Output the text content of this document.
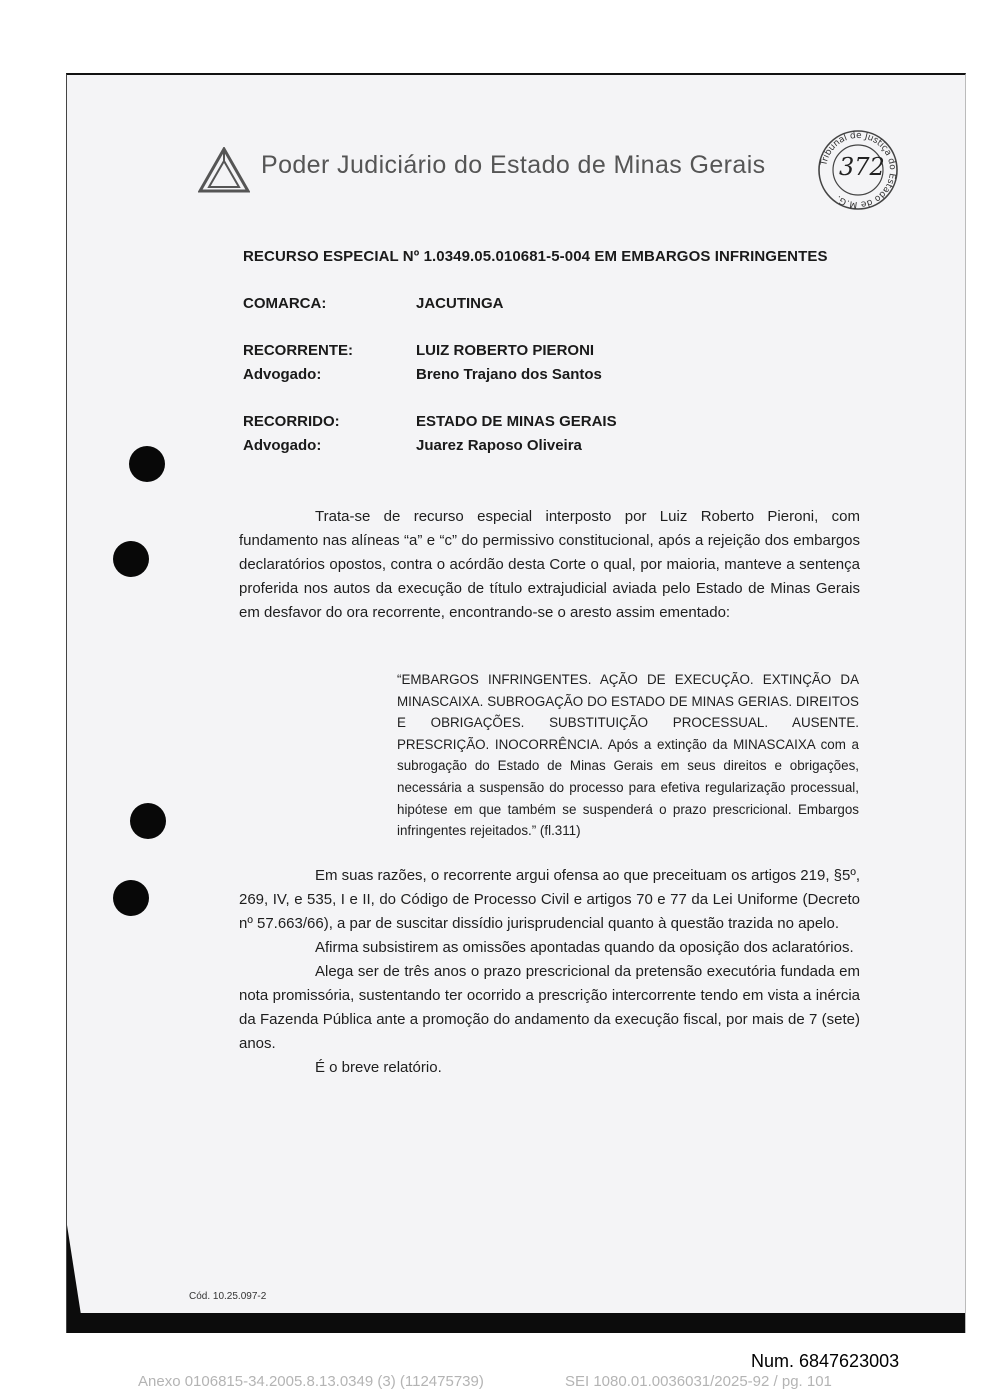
Poder Judiciário do Estado de Minas Gerais	Tribunal de Justiça do Estado de M.G.
372
RECURSO ESPECIAL Nº 1.0349.05.010681-5-004 EM EMBARGOS INFRINGENTES
COMARCA:	JACUTINGA
RECORRENTE:	LUIZ ROBERTO PIERONI
Advogado:	Breno Trajano dos Santos
RECORRIDO:	ESTADO DE MINAS GERAIS
Advogado:	Juarez Raposo Oliveira

Trata-se de recurso especial interposto por Luiz Roberto Pieroni, com fundamento nas alíneas “a” e “c” do permissivo constitucional, após a rejeição dos embargos declaratórios opostos, contra o acórdão desta Corte o qual, por maioria, manteve a sentença proferida nos autos da execução de título extrajudicial aviada pelo Estado de Minas Gerais em desfavor do ora recorrente, encontrando-se o aresto assim ementado:

“EMBARGOS INFRINGENTES. AÇÃO DE EXECUÇÃO. EXTINÇÃO DA MINASCAIXA. SUBROGAÇÃO DO ESTADO DE MINAS GERIAS. DIREITOS E OBRIGAÇÕES. SUBSTITUIÇÃO PROCESSUAL. AUSENTE. PRESCRIÇÃO. INOCORRÊNCIA. Após a extinção da MINASCAIXA com a subrogação do Estado de Minas Gerais em seus direitos e obrigações, necessária a suspensão do processo para efetiva regularização processual, hipótese em que também se suspenderá o prazo prescricional. Embargos infringentes rejeitados.” (fl.311)

Em suas razões, o recorrente argui ofensa ao que preceituam os artigos 219, §5º, 269, IV, e 535, I e II, do Código de Processo Civil e artigos 70 e 77 da Lei Uniforme (Decreto nº 57.663/66), a par de suscitar dissídio jurisprudencial quanto à questão trazida no apelo.

Afirma subsistirem as omissões apontadas quando da oposição dos aclaratórios.

Alega ser de três anos o prazo prescricional da pretensão executória fundada em nota promissória, sustentando ter ocorrido a prescrição intercorrente tendo em vista a inércia da Fazenda Pública ante a promoção do andamento da execução fiscal, por mais de 7 (sete) anos.

É o breve relatório.

Cód. 10.25.097-2
Num. 6847623003
Anexo 0106815-34.2005.8.13.0349 (3) (112475739)	SEI 1080.01.0036031/2025-92 / pg. 101
